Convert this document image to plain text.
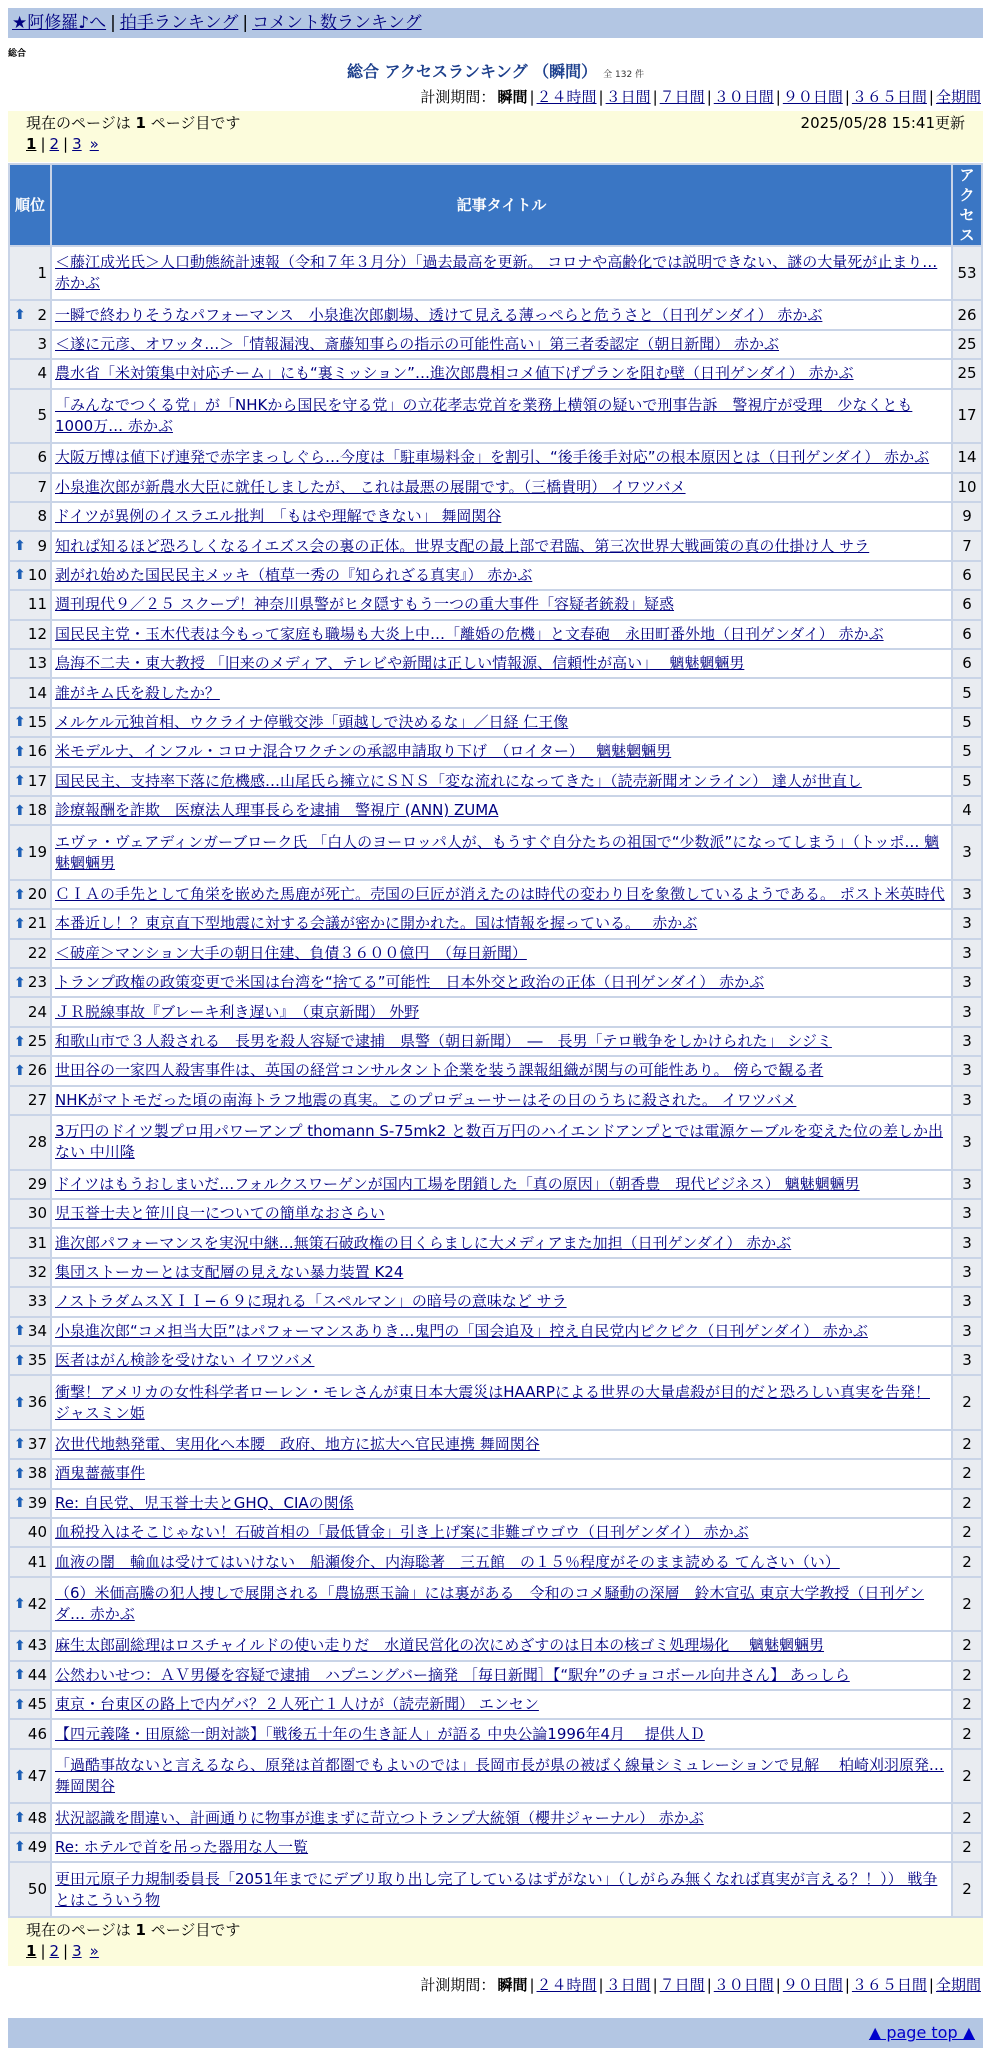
★阿修羅♪へ | 拍手ランキング | コメント数ランキング
総合
総合 アクセスランキング （瞬間） 全 132 件
計測期間： 瞬間 | ２４時間 | ３日間 | ７日間 | ３０日間 | ９０日間 | ３６５日間 | 全期間
現在のページは 1 ページ目です	2025/05/28 15:41更新
1 | 2 | 3 »
順位	記事タイトル	アクセス
1	＜藤江成光氏＞人口動態統計速報（令和７年３月分）「過去最高を更新。 コロナや高齢化では説明できない、謎の大量死が止まり… 赤かぶ	53

⬆ 2	一瞬で終わりそうなパフォーマンス　小泉進次郎劇場、透けて見える薄っぺらと危うさと（日刊ゲンダイ） 赤かぶ	26
3	＜遂に元彦、オワッタ…＞「情報漏洩、斎藤知事らの指示の可能性高い」第三者委認定（朝日新聞） 赤かぶ	25
4	農水省「米対策集中対応チーム」にも“裏ミッション”…進次郎農相コメ値下げプランを阻む壁（日刊ゲンダイ） 赤かぶ	25
5	「みんなでつくる党」が「NHKから国民を守る党」の立花孝志党首を業務上横領の疑いで刑事告訴　警視庁が受理　少なくとも1000万… 赤かぶ	17
6	大阪万博は値下げ連発で赤字まっしぐら…今度は「駐車場料金」を割引、“後手後手対応”の根本原因とは（日刊ゲンダイ） 赤かぶ	14
7	小泉進次郎が新農水大臣に就任しましたが、 これは最悪の展開です。（三橋貴明） イワツバメ	10
8	ドイツが異例のイスラエル批判　「もはや理解できない」 舞岡関谷	9

⬆ 9	知れば知るほど恐ろしくなるイエズス会の裏の正体。世界支配の最上部で君臨、第三次世界大戦画策の真の仕掛け人 サラ	7

⬆ 10	剥がれ始めた国民民主メッキ（植草一秀の『知られざる真実』） 赤かぶ	6
11	週刊現代９／２５ スクープ！神奈川県警がヒタ隠すもう一つの重大事件「容疑者銃殺」疑惑	6
12	国民民主党・玉木代表は今もって家庭も職場も大炎上中…「離婚の危機」と文春砲　永田町番外地（日刊ゲンダイ） 赤かぶ	6
13	鳥海不二夫・東大教授 「旧来のメディア、テレビや新聞は正しい情報源、信頼性が高い」　 魑魅魍魎男	6
14	誰がキム氏を殺したか？	5

⬆ 15	メルケル元独首相、ウクライナ停戦交渉「頭越しで決めるな」／日経 仁王像	5

⬆ 16	米モデルナ、インフル・コロナ混合ワクチンの承認申請取り下げ　（ロイター）　 魑魅魍魎男	5

⬆ 17	国民民主、支持率下落に危機感…山尾氏ら擁立にＳＮＳ「変な流れになってきた」（読売新聞オンライン） 達人が世直し	5

⬆ 18	診療報酬を詐欺　医療法人理事長らを逮捕　警視庁 (ANN) ZUMA	4

⬆ 19	エヴァ・ヴェアディンガーブローク氏 「白人のヨーロッパ人が、もうすぐ自分たちの祖国で“少数派”になってしまう」（トッポ… 魑魅魍魎男	3

⬆ 20	ＣＩＡの手先として角栄を嵌めた馬鹿が死亡。売国の巨匠が消えたのは時代の変わり目を象徴しているようである。 ポスト米英時代	3

⬆ 21	本番近し！？東京直下型地震に対する会議が密かに開かれた。国は情報を握っている。　 赤かぶ	3
22	＜破産＞マンション大手の朝日住建、負債３６００億円　（毎日新聞）	3

⬆ 23	トランプ政権の政策変更で米国は台湾を“捨てる”可能性　日本外交と政治の正体（日刊ゲンダイ） 赤かぶ	3
24	ＪＲ脱線事故『ブレーキ利き遅い』　（東京新聞） 外野	3

⬆ 25	和歌山市で３人殺される　長男を殺人容疑で逮捕　県警（朝日新聞）　―　長男「テロ戦争をしかけられた」 シジミ	3

⬆ 26	世田谷の一家四人殺害事件は、英国の経営コンサルタント企業を装う課報組織が関与の可能性あり。 傍らで観る者	3
27	NHKがマトモだった頃の南海トラフ地震の真実。このプロデューサーはその日のうちに殺された。 イワツバメ	3
28	3万円のドイツ製プロ用パワーアンプ thomann S-75mk2 と数百万円のハイエンドアンプとでは電源ケーブルを変えた位の差しか出ない 中川隆	3
29	ドイツはもうおしまいだ…フォルクスワーゲンが国内工場を閉鎖した「真の原因」（朝香豊　現代ビジネス） 魑魅魍魎男	3
30	児玉誉士夫と笹川良一についての簡単なおさらい	3
31	進次郎パフォーマンスを実況中継…無策石破政権の目くらましに大メディアまた加担（日刊ゲンダイ） 赤かぶ	3
32	集団ストーカーとは支配層の見えない暴力装置 K24	3
33	ノストラダムスＸＩＩ−６９に現れる「スペルマン」の暗号の意味など サラ	3

⬆ 34	小泉進次郎“コメ担当大臣”はパフォーマンスありき…鬼門の「国会追及」控え自民党内ピクピク（日刊ゲンダイ） 赤かぶ	3

⬆ 35	医者はがん検診を受けない イワツバメ	3

⬆ 36	衝撃！アメリカの女性科学者ローレン・モレさんが東日本大震災はHAARPによる世界の大量虐殺が目的だと恐ろしい真実を告発！ ジャスミン姫	2

⬆ 37	次世代地熱発電、実用化へ本腰　政府、地方に拡大へ官民連携 舞岡関谷	2

⬆ 38	酒鬼薔薇事件	2

⬆ 39	Re: 自民党、児玉誉士夫とGHQ、CIAの関係	2
40	血税投入はそこじゃない！石破首相の「最低賃金」引き上げ案に非難ゴウゴウ（日刊ゲンダイ） 赤かぶ	2
41	血液の闇　輸血は受けてはいけない　船瀬俊介、内海聡著　三五館　の１５％程度がそのまま読める てんさい（い）	2

⬆ 42	（6）米価高騰の犯人捜しで展開される「農協悪玉論」には裏がある　令和のコメ騒動の深層　鈴木宣弘 東京大学教授（日刊ゲンダ… 赤かぶ	2

⬆ 43	麻生太郎副総理はロスチャイルドの使い走りだ　水道民営化の次にめざすのは日本の核ゴミ処理場化　 魑魅魍魎男	2

⬆ 44	公然わいせつ：ＡＶ男優を容疑で逮捕　ハプニングバー摘発 ［毎日新聞］【“駅弁”のチョコボール向井さん】 あっしら	2

⬆ 45	東京・台東区の路上で内ゲバ？２人死亡１人けが（読売新聞） エンセン	2
46	【四元義隆・田原総一朗対談】「戦後五十年の生き証人」が語る 中央公論1996年4月　 提供人Ｄ	2

⬆ 47	「過酷事故ないと言えるなら、原発は首都圏でもよいのでは」長岡市長が県の被ばく線量シミュレーションで見解　 柏崎刈羽原発… 舞岡関谷	2

⬆ 48	状況認識を間違い、計画通りに物事が進まずに苛立つトランプ大統領（櫻井ジャーナル） 赤かぶ	2

⬆ 49	Re: ホテルで首を吊った器用な人一覧	2
50	更田元原子力規制委員長「2051年までにデブリ取り出し完了しているはずがない」（しがらみ無くなれば真実が言える？！）） 戦争とはこういう物	2
現在のページは 1 ページ目です
1 | 2 | 3 »
計測期間： 瞬間 | ２４時間 | ３日間 | ７日間 | ３０日間 | ９０日間 | ３６５日間 | 全期間
▲ page top ▲
